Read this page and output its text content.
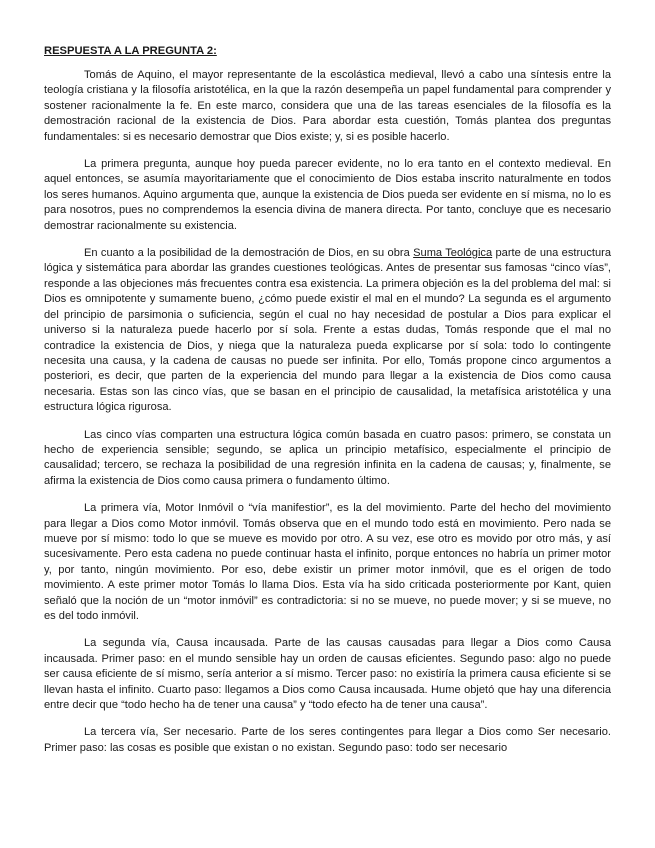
RESPUESTA A LA PREGUNTA 2:

Tomás de Aquino, el mayor representante de la escolástica medieval, llevó a cabo una síntesis entre la teología cristiana y la filosofía aristotélica, en la que la razón desempeña un papel fundamental para comprender y sostener racionalmente la fe. En este marco, considera que una de las tareas esenciales de la filosofía es la demostración racional de la existencia de Dios. Para abordar esta cuestión, Tomás plantea dos preguntas fundamentales: si es necesario demostrar que Dios existe; y, si es posible hacerlo.

La primera pregunta, aunque hoy pueda parecer evidente, no lo era tanto en el contexto medieval. En aquel entonces, se asumía mayoritariamente que el conocimiento de Dios estaba inscrito naturalmente en todos los seres humanos. Aquino argumenta que, aunque la existencia de Dios pueda ser evidente en sí misma, no lo es para nosotros, pues no comprendemos la esencia divina de manera directa. Por tanto, concluye que es necesario demostrar racionalmente su existencia.

En cuanto a la posibilidad de la demostración de Dios, en su obra Suma Teológica parte de una estructura lógica y sistemática para abordar las grandes cuestiones teológicas. Antes de presentar sus famosas “cinco vías”, responde a las objeciones más frecuentes contra esa existencia. La primera objeción es la del problema del mal: si Dios es omnipotente y sumamente bueno, ¿cómo puede existir el mal en el mundo? La segunda es el argumento del principio de parsimonia o suficiencia, según el cual no hay necesidad de postular a Dios para explicar el universo si la naturaleza puede hacerlo por sí sola. Frente a estas dudas, Tomás responde que el mal no contradice la existencia de Dios, y niega que la naturaleza pueda explicarse por sí sola: todo lo contingente necesita una causa, y la cadena de causas no puede ser infinita. Por ello, Tomás propone cinco argumentos a posteriori, es decir, que parten de la experiencia del mundo para llegar a la existencia de Dios como causa necesaria. Estas son las cinco vías, que se basan en el principio de causalidad, la metafísica aristotélica y una estructura lógica rigurosa.

Las cinco vías comparten una estructura lógica común basada en cuatro pasos: primero, se constata un hecho de experiencia sensible; segundo, se aplica un principio metafísico, especialmente el principio de causalidad; tercero, se rechaza la posibilidad de una regresión infinita en la cadena de causas; y, finalmente, se afirma la existencia de Dios como causa primera o fundamento último.

La primera vía, Motor Inmóvil o “vía manifestior”, es la del movimiento. Parte del hecho del movimiento para llegar a Dios como Motor inmóvil. Tomás observa que en el mundo todo está en movimiento. Pero nada se mueve por sí mismo: todo lo que se mueve es movido por otro. A su vez, ese otro es movido por otro más, y así sucesivamente. Pero esta cadena no puede continuar hasta el infinito, porque entonces no habría un primer motor y, por tanto, ningún movimiento. Por eso, debe existir un primer motor inmóvil, que es el origen de todo movimiento. A este primer motor Tomás lo llama Dios. Esta vía ha sido criticada posteriormente por Kant, quien señaló que la noción de un “motor inmóvil” es contradictoria: si no se mueve, no puede mover; y si se mueve, no es del todo inmóvil.

La segunda vía, Causa incausada. Parte de las causas causadas para llegar a Dios como Causa incausada. Primer paso: en el mundo sensible hay un orden de causas eficientes. Segundo paso: algo no puede ser causa eficiente de sí mismo, sería anterior a sí mismo. Tercer paso: no existiría la primera causa eficiente si se llevan hasta el infinito. Cuarto paso: llegamos a Dios como Causa incausada. Hume objetó que hay una diferencia entre decir que “todo hecho ha de tener una causa” y “todo efecto ha de tener una causa”.

La tercera vía, Ser necesario. Parte de los seres contingentes para llegar a Dios como Ser necesario. Primer paso: las cosas es posible que existan o no existan. Segundo paso: todo ser necesario
